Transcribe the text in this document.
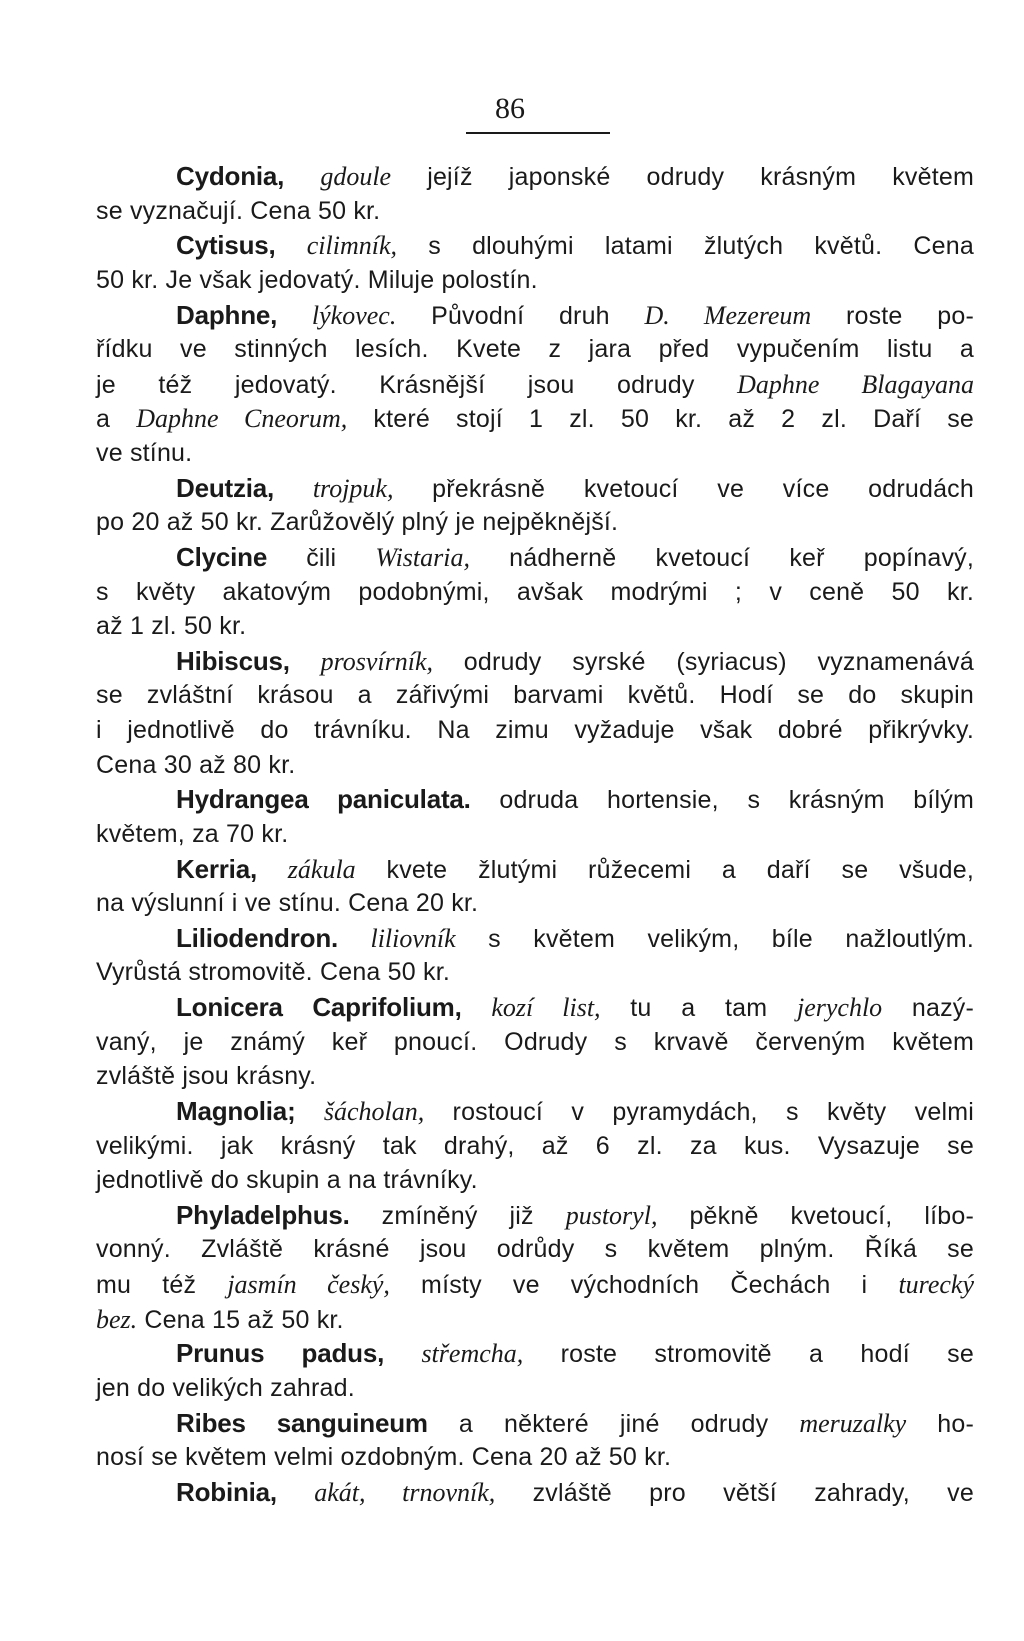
86
Cydonia, gdoule jejíž japonské odrudy krásným květem
se vyznačují. Cena 50 kr.
Cytisus, cilimník, s dlouhými latami žlutých květů. Cena
50 kr. Je však jedovatý. Miluje polostín.
Daphne, lýkovec. Původní druh D. Mezereum roste po-
řídku ve stinných lesích. Kvete z jara před vypučením listu a
je též jedovatý. Krásnější jsou odrudy Daphne Blagayana
a Daphne Cneorum, které stojí 1 zl. 50 kr. až 2 zl. Daří se
ve stínu.
Deutzia, trojpuk, překrásně kvetoucí ve více odrudách
po 20 až 50 kr. Zarůžovělý plný je nejpěknější.
Clycine čili Wistaria, nádherně kvetoucí keř popínavý,
s květy akatovým podobnými, avšak modrými ; v ceně 50 kr.
až 1 zl. 50 kr.
Hibiscus, prosvírník, odrudy syrské (syriacus) vyznamenává
se zvláštní krásou a zářivými barvami květů. Hodí se do skupin
i jednotlivě do trávníku. Na zimu vyžaduje však dobré přikrývky.
Cena 30 až 80 kr.
Hydrangea paniculata. odruda hortensie, s krásným bílým
květem, za 70 kr.
Kerria, zákula kvete žlutými růžecemi a daří se všude,
na výslunní i ve stínu. Cena 20 kr.
Liliodendron. liliovník s květem velikým, bíle nažloutlým.
Vyrůstá stromovitě. Cena 50 kr.
Lonicera Caprifolium, kozí list, tu a tam jerychlo nazý-
vaný, je známý keř pnoucí. Odrudy s krvavě červeným květem
zvláště jsou krásny.
Magnolia; šácholan, rostoucí v pyramydách, s květy velmi
velikými. jak krásný tak drahý, až 6 zl. za kus. Vysazuje se
jednotlivě do skupin a na trávníky.
Phyladelphus. zmíněný již pustoryl, pěkně kvetoucí, líbo-
vonný. Zvláště krásné jsou odrůdy s květem plným. Říká se
mu též jasmín český, místy ve východních Čechách i turecký
bez. Cena 15 až 50 kr.
Prunus padus, střemcha, roste stromovitě a hodí se
jen do velikých zahrad.
Ribes sanguineum a některé jiné odrudy meruzalky ho-
nosí se květem velmi ozdobným. Cena 20 až 50 kr.
Robinia, akát, trnovník, zvláště pro větší zahrady, ve
